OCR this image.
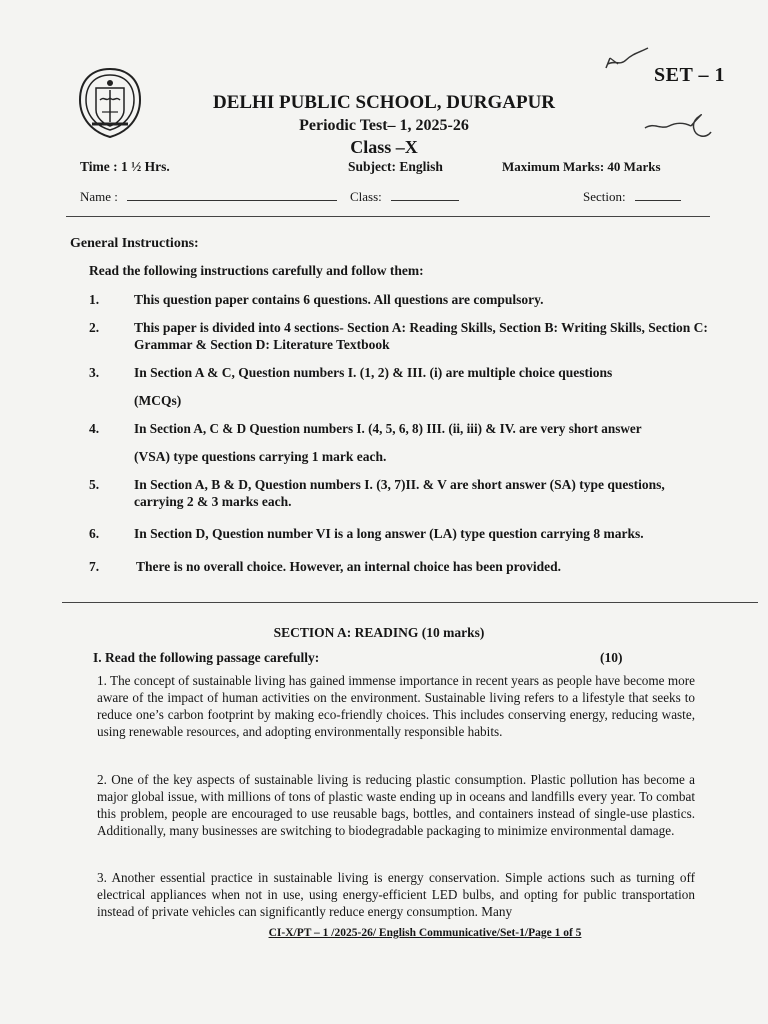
SET – 1
DELHI PUBLIC SCHOOL, DURGAPUR
Periodic Test– 1, 2025-26
Class –X
Time : 1 ½ Hrs.	Subject: English	Maximum Marks: 40 Marks
Name :	Class:	Section:
General Instructions:
Read the following instructions carefully and follow them:
1.	This question paper contains 6 questions. All questions are compulsory.
2.	This paper is divided into 4 sections- Section A: Reading Skills, Section B: Writing Skills, Section C: Grammar & Section D: Literature Textbook
3.	In Section A & C, Question numbers I. (1, 2) & III. (i) are multiple choice questions
(MCQs)
4.	In Section A, C & D Question numbers I. (4, 5, 6, 8) III. (ii, iii) & IV. are very short answer
(VSA) type questions carrying 1 mark each.
5.	In Section A, B & D, Question numbers I. (3, 7)II. & V are short answer (SA) type questions, carrying 2 & 3 marks each.
6.	In Section D, Question number VI is a long answer (LA) type question carrying 8 marks.
7.	There is no overall choice. However, an internal choice has been provided.
SECTION A: READING (10 marks)
I. Read the following passage carefully:	(10)
1. The concept of sustainable living has gained immense importance in recent years as people have become more aware of the impact of human activities on the environment. Sustainable living refers to a lifestyle that seeks to reduce one’s carbon footprint by making eco-friendly choices. This includes conserving energy, reducing waste, using renewable resources, and adopting environmentally responsible habits.
2. One of the key aspects of sustainable living is reducing plastic consumption. Plastic pollution has become a major global issue, with millions of tons of plastic waste ending up in oceans and landfills every year. To combat this problem, people are encouraged to use reusable bags, bottles, and containers instead of single-use plastics. Additionally, many businesses are switching to biodegradable packaging to minimize environmental damage.
3. Another essential practice in sustainable living is energy conservation. Simple actions such as turning off electrical appliances when not in use, using energy-efficient LED bulbs, and opting for public transportation instead of private vehicles can significantly reduce energy consumption. Many
CI-X/PT – 1 /2025-26/ English Communicative/Set-1/Page 1 of 5
